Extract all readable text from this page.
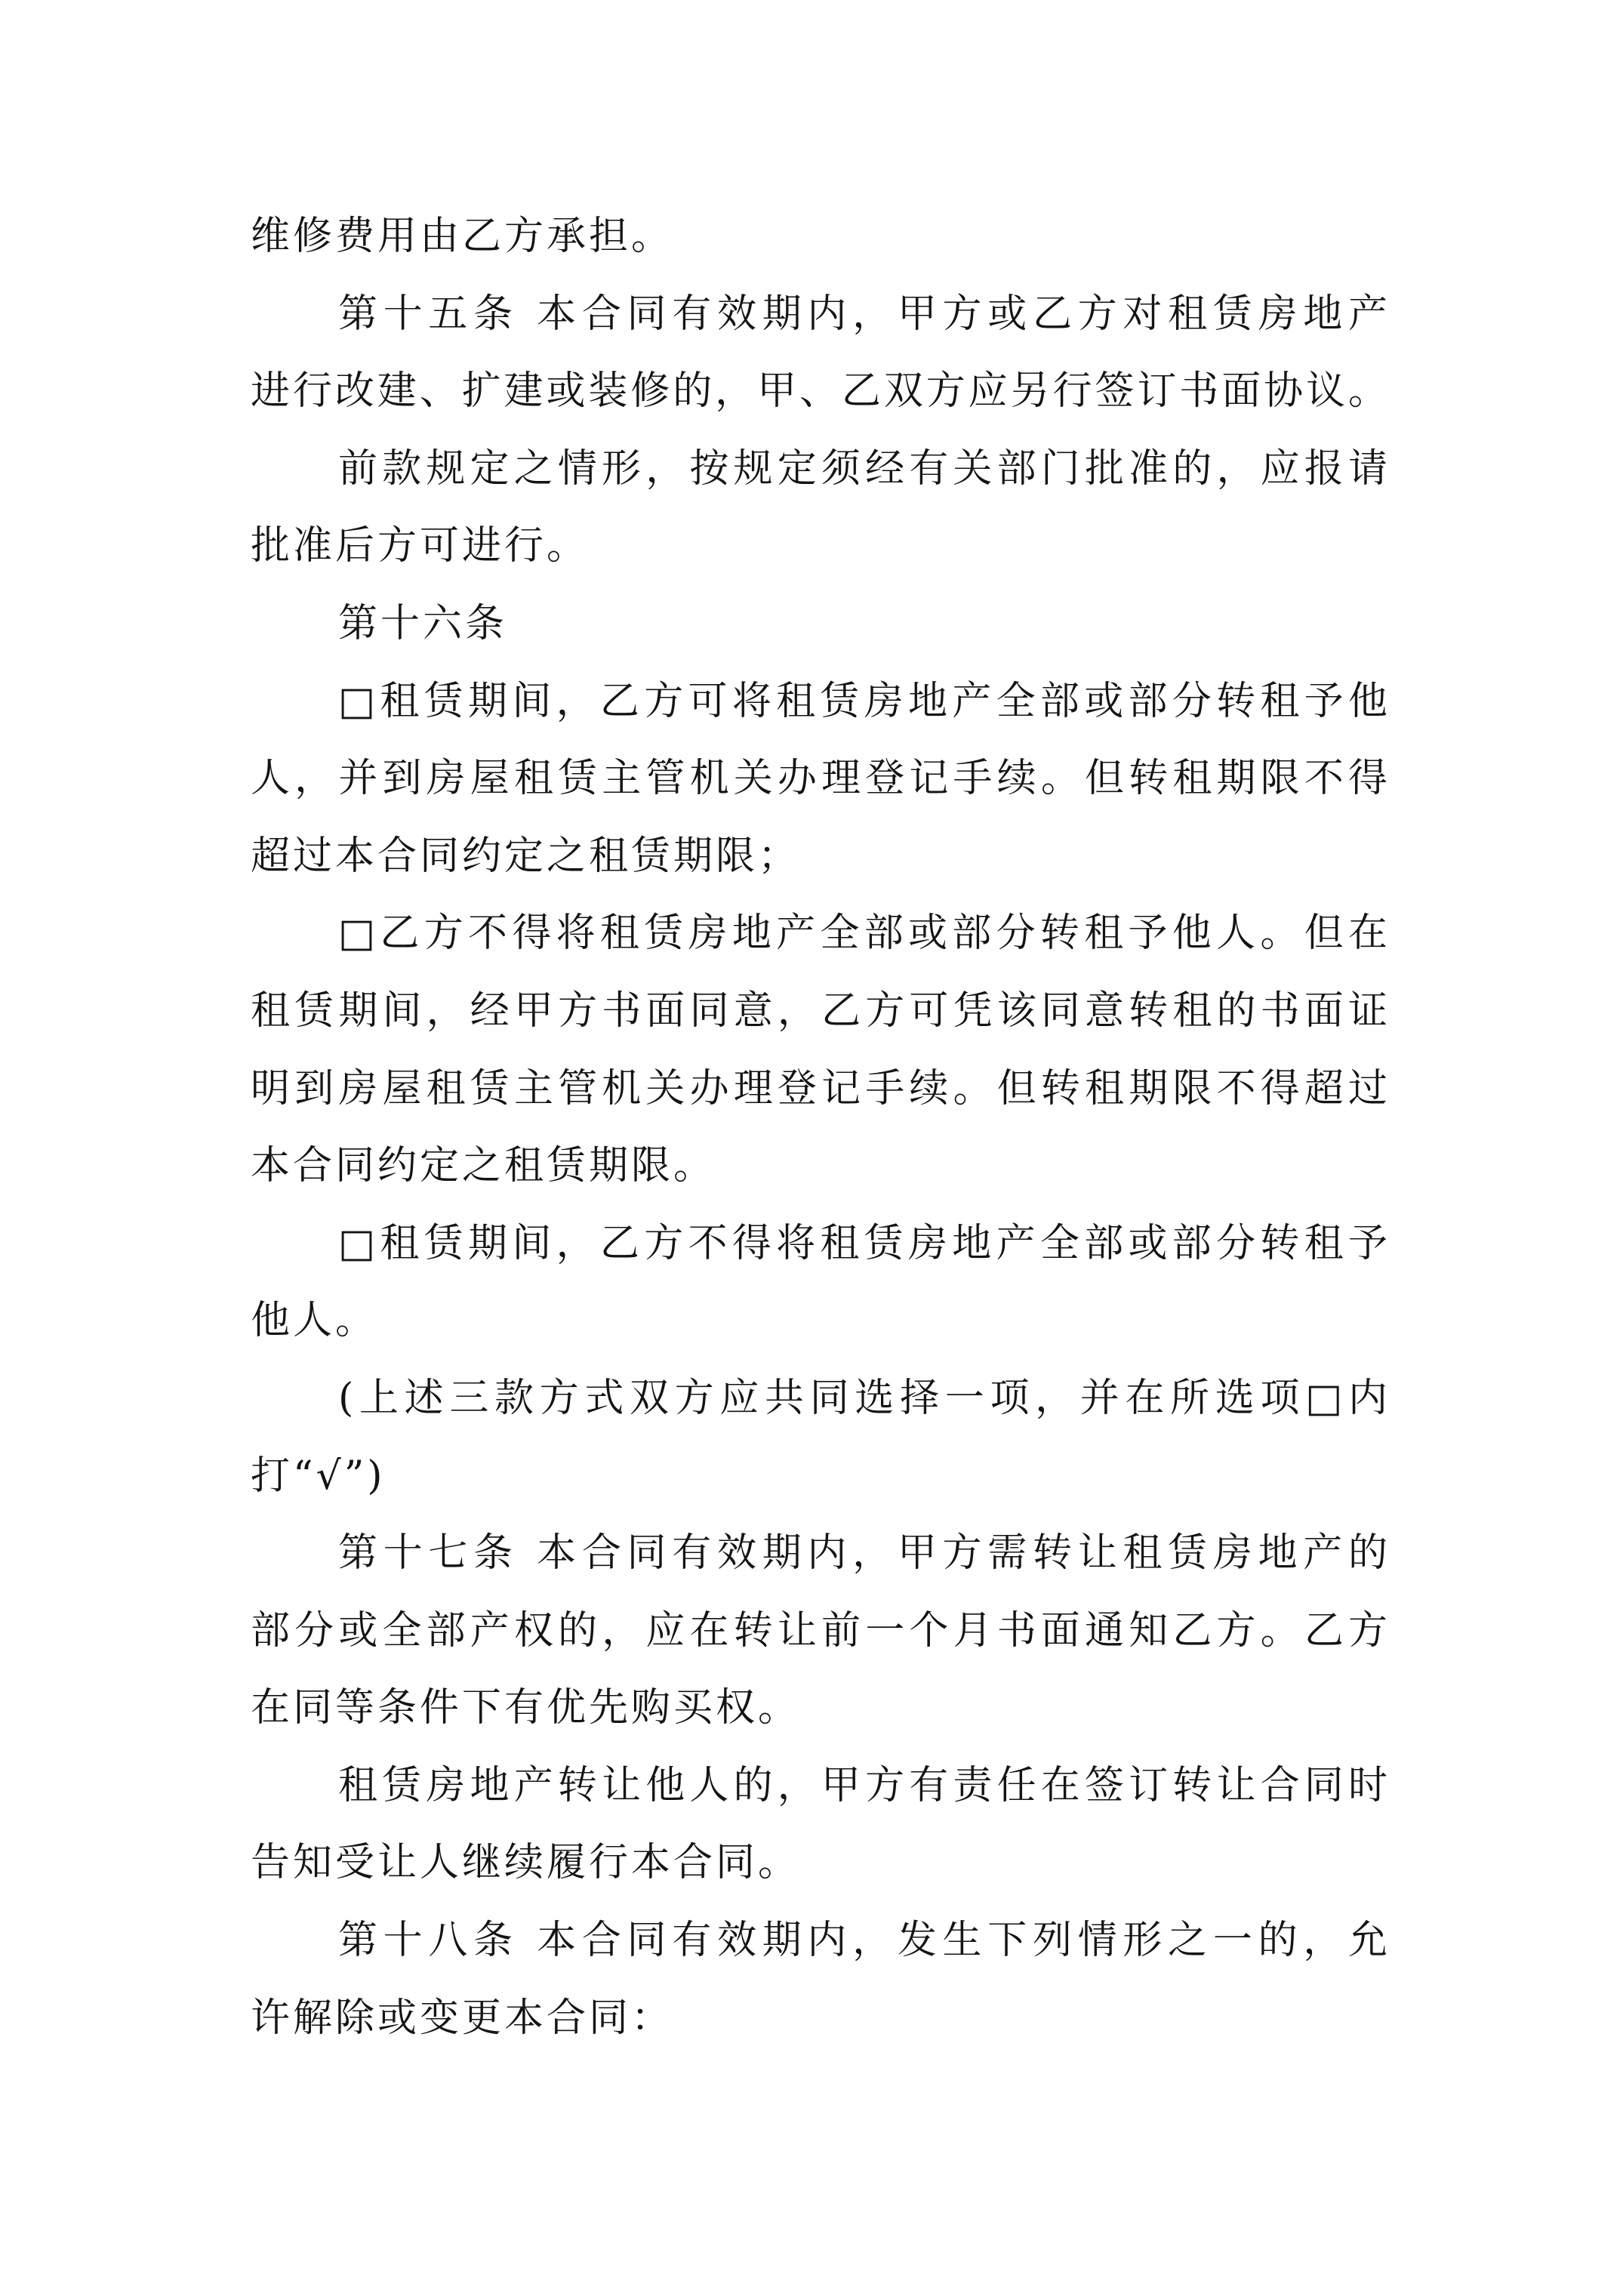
维修费用由乙方承担。
第十五条 本合同有效期内，甲方或乙方对租赁房地产
进行改建、扩建或装修的，甲、乙双方应另行签订书面协议。
前款规定之情形，按规定须经有关部门批准的，应报请
批准后方可进行。
第十六条
□租赁期间，乙方可将租赁房地产全部或部分转租予他
人，并到房屋租赁主管机关办理登记手续。但转租期限不得
超过本合同约定之租赁期限；
□乙方不得将租赁房地产全部或部分转租予他人。但在
租赁期间，经甲方书面同意，乙方可凭该同意转租的书面证
明到房屋租赁主管机关办理登记手续。但转租期限不得超过
本合同约定之租赁期限。
□租赁期间，乙方不得将租赁房地产全部或部分转租予
他人。
(上述三款方式双方应共同选择一项，并在所选项□内
打“√”)
第十七条 本合同有效期内，甲方需转让租赁房地产的
部分或全部产权的，应在转让前一个月书面通知乙方。乙方
在同等条件下有优先购买权。
租赁房地产转让他人的，甲方有责任在签订转让合同时
告知受让人继续履行本合同。
第十八条 本合同有效期内，发生下列情形之一的，允
许解除或变更本合同：
